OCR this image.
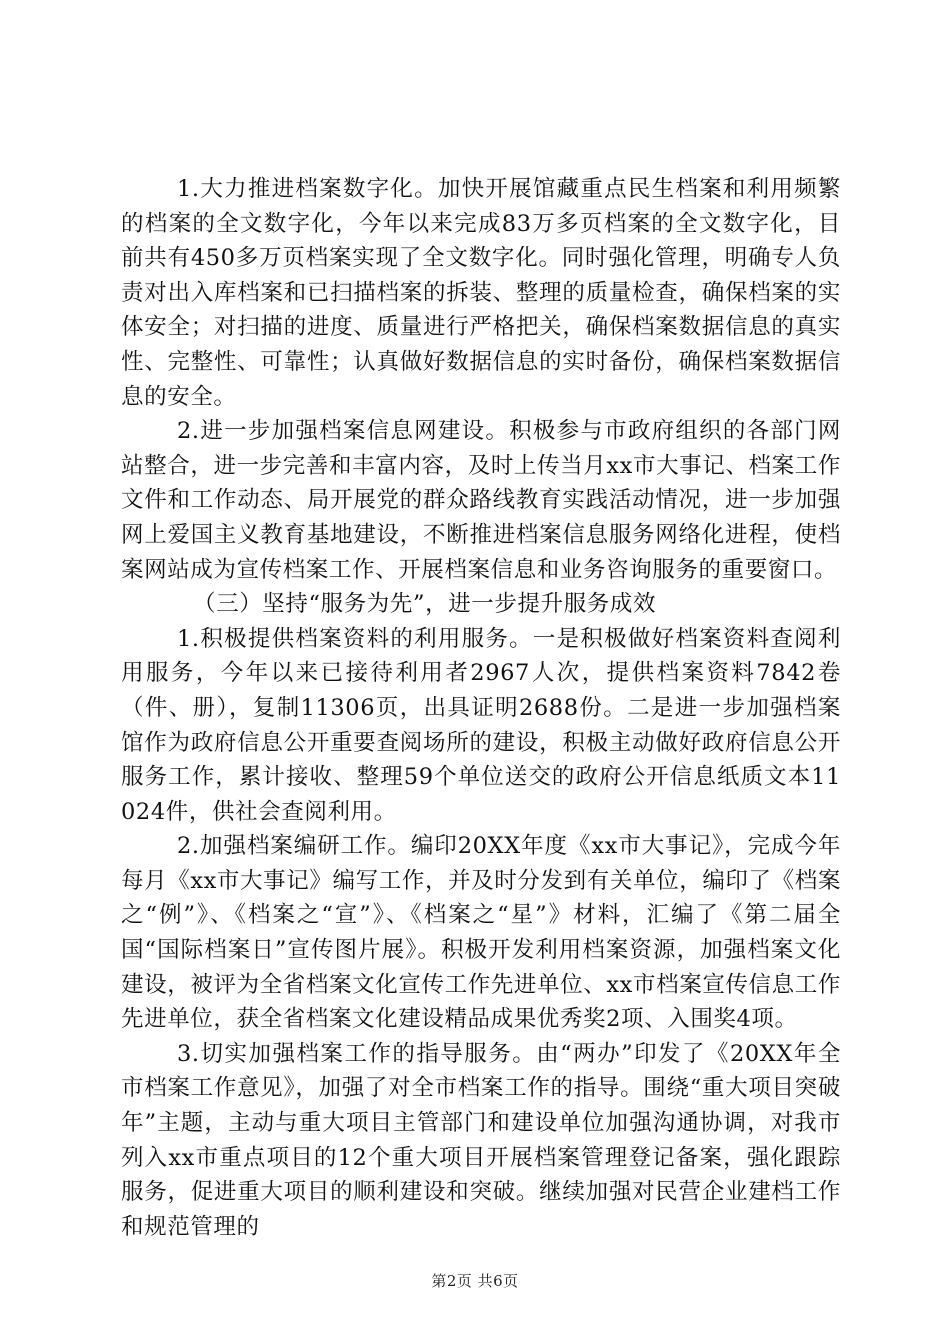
1.大力推进档案数字化。加快开展馆藏重点民生档案和利用频繁的档案的全文数字化，今年以来完成83万多页档案的全文数字化，目前共有450多万页档案实现了全文数字化。同时强化管理，明确专人负责对出入库档案和已扫描档案的拆装、整理的质量检查，确保档案的实体安全；对扫描的进度、质量进行严格把关，确保档案数据信息的真实性、完整性、可靠性；认真做好数据信息的实时备份，确保档案数据信息的安全。

2.进一步加强档案信息网建设。积极参与市政府组织的各部门网站整合，进一步完善和丰富内容，及时上传当月xx市大事记、档案工作文件和工作动态、局开展党的群众路线教育实践活动情况，进一步加强网上爱国主义教育基地建设，不断推进档案信息服务网络化进程，使档案网站成为宣传档案工作、开展档案信息和业务咨询服务的重要窗口。

（三）坚持“服务为先”，进一步提升服务成效

1.积极提供档案资料的利用服务。一是积极做好档案资料查阅利用服务，今年以来已接待利用者2967人次，提供档案资料7842卷（件、册），复制11306页，出具证明2688份。二是进一步加强档案馆作为政府信息公开重要查阅场所的建设，积极主动做好政府信息公开服务工作，累计接收、整理59个单位送交的政府公开信息纸质文本11024件，供社会查阅利用。

2.加强档案编研工作。编印20XX年度《xx市大事记》，完成今年每月《xx市大事记》编写工作，并及时分发到有关单位，编印了《档案之“例”》、《档案之“宣”》、《档案之“星”》材料，汇编了《第二届全国“国际档案日”宣传图片展》。积极开发利用档案资源，加强档案文化建设，被评为全省档案文化宣传工作先进单位、xx市档案宣传信息工作先进单位，获全省档案文化建设精品成果优秀奖2项、入围奖4项。

3.切实加强档案工作的指导服务。由“两办”印发了《20XX年全市档案工作意见》，加强了对全市档案工作的指导。围绕“重大项目突破年”主题，主动与重大项目主管部门和建设单位加强沟通协调，对我市列入xx市重点项目的12个重大项目开展档案管理登记备案，强化跟踪服务，促进重大项目的顺利建设和突破。继续加强对民营企业建档工作和规范管理的

第2页 共6页
